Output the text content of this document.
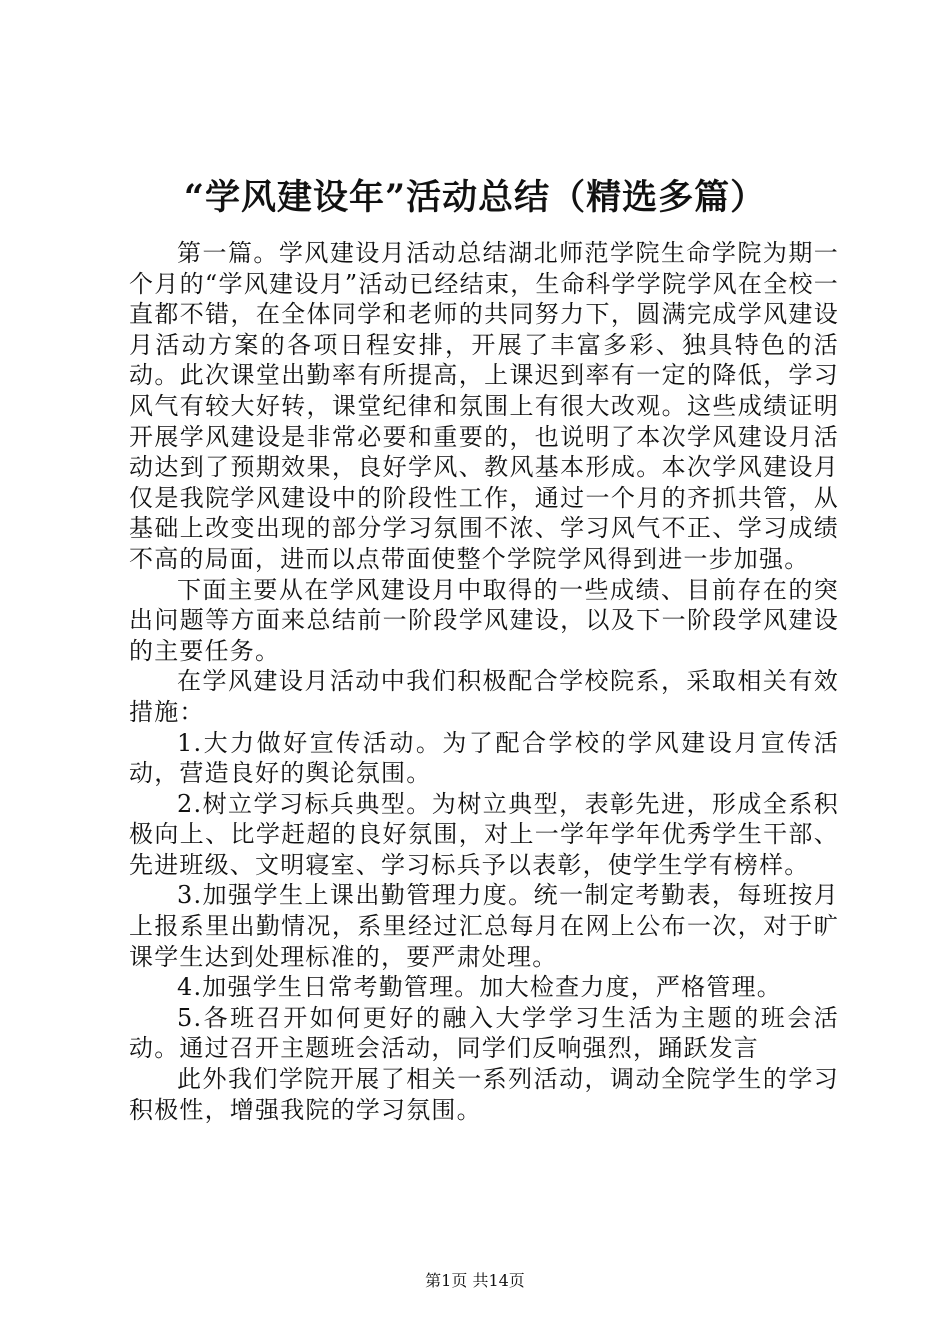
“学风建设年”活动总结（精选多篇）

第一篇。学风建设月活动总结湖北师范学院生命学院为期一个月的“学风建设月”活动已经结束，生命科学学院学风在全校一直都不错，在全体同学和老师的共同努力下，圆满完成学风建设月活动方案的各项日程安排，开展了丰富多彩、独具特色的活动。此次课堂出勤率有所提高，上课迟到率有一定的降低，学习风气有较大好转，课堂纪律和氛围上有很大改观。这些成绩证明开展学风建设是非常必要和重要的，也说明了本次学风建设月活动达到了预期效果，良好学风、教风基本形成。本次学风建设月仅是我院学风建设中的阶段性工作，通过一个月的齐抓共管，从基础上改变出现的部分学习氛围不浓、学习风气不正、学习成绩不高的局面，进而以点带面使整个学院学风得到进一步加强。

下面主要从在学风建设月中取得的一些成绩、目前存在的突出问题等方面来总结前一阶段学风建设，以及下一阶段学风建设的主要任务。

在学风建设月活动中我们积极配合学校院系，采取相关有效措施：

1.大力做好宣传活动。为了配合学校的学风建设月宣传活动，营造良好的舆论氛围。

2.树立学习标兵典型。为树立典型，表彰先进，形成全系积极向上、比学赶超的良好氛围，对上一学年学年优秀学生干部、先进班级、文明寝室、学习标兵予以表彰，使学生学有榜样。

3.加强学生上课出勤管理力度。统一制定考勤表，每班按月上报系里出勤情况，系里经过汇总每月在网上公布一次，对于旷课学生达到处理标准的，要严肃处理。

4.加强学生日常考勤管理。加大检查力度，严格管理。

5.各班召开如何更好的融入大学学习生活为主题的班会活动。通过召开主题班会活动，同学们反响强烈，踊跃发言

此外我们学院开展了相关一系列活动，调动全院学生的学习积极性，增强我院的学习氛围。

第1页 共14页
